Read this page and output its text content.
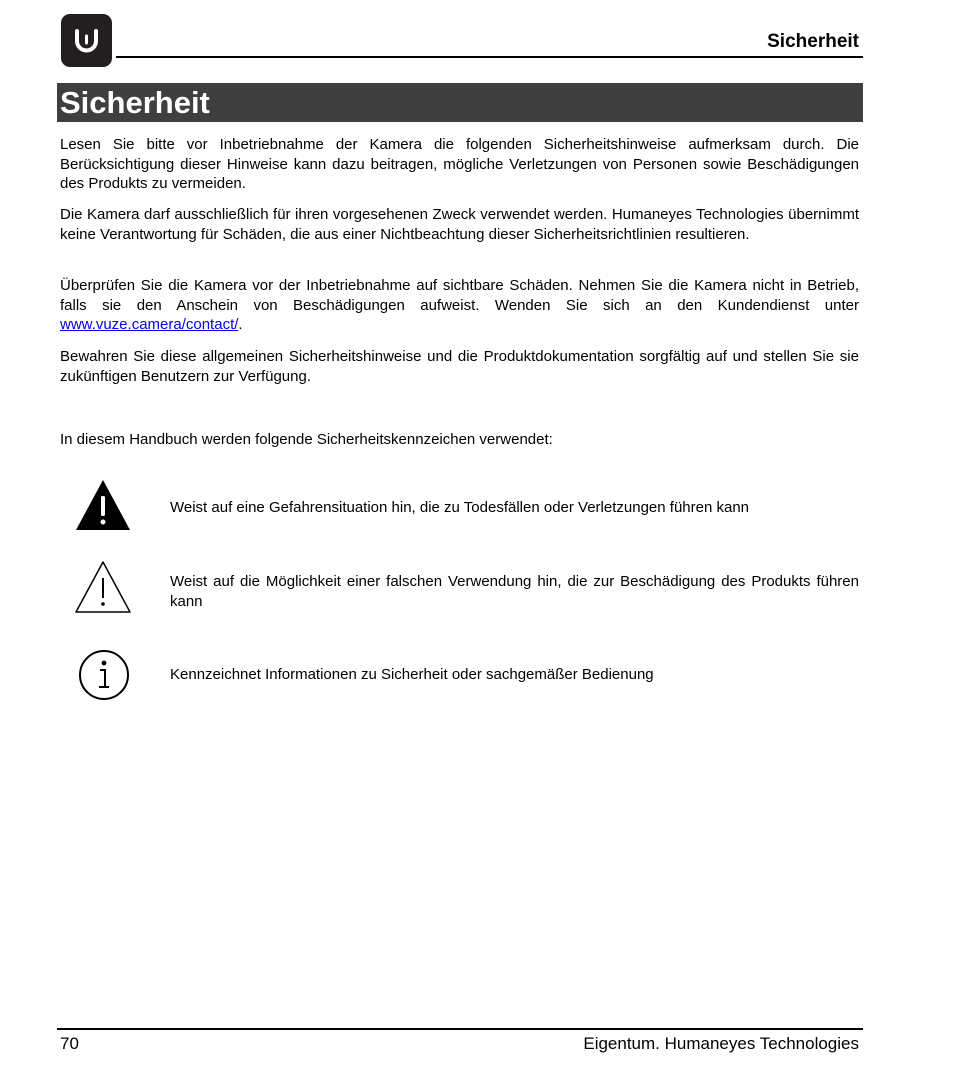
Sicherheit
Sicherheit

Lesen Sie bitte vor Inbetriebnahme der Kamera die folgenden Sicherheitshinweise aufmerksam durch. Die Berücksichtigung dieser Hinweise kann dazu beitragen, mögliche Verletzungen von Personen sowie Beschädigungen des Produkts zu vermeiden.

Die Kamera darf ausschließlich für ihren vorgesehenen Zweck verwendet werden. Humaneyes Technologies übernimmt keine Verantwortung für Schäden, die aus einer Nichtbeachtung dieser Sicherheitsrichtlinien resultieren.

Überprüfen Sie die Kamera vor der Inbetriebnahme auf sichtbare Schäden. Nehmen Sie die Kamera nicht in Betrieb, falls sie den Anschein von Beschädigungen aufweist. Wenden Sie sich an den Kundendienst unter www.vuze.camera/contact/.

Bewahren Sie diese allgemeinen Sicherheitshinweise und die Produktdokumentation sorgfältig auf und stellen Sie sie zukünftigen Benutzern zur Verfügung.

In diesem Handbuch werden folgende Sicherheitskennzeichen verwendet:

Weist auf eine Gefahrensituation hin, die zu Todesfällen oder Verletzungen führen kann

Weist auf die Möglichkeit einer falschen Verwendung hin, die zur Beschädigung des Produkts führen kann

Kennzeichnet Informationen zu Sicherheit oder sachgemäßer Bedienung

70	Eigentum. Humaneyes Technologies
